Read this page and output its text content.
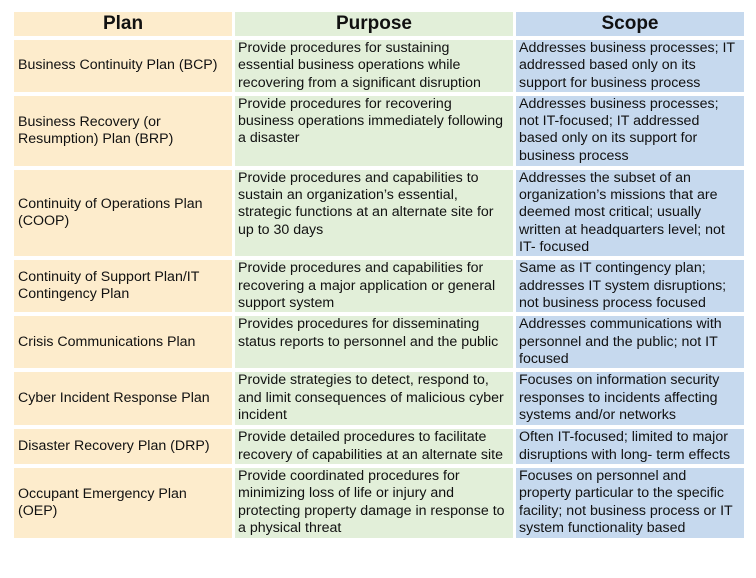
Plan	Purpose	Scope
Business Continuity Plan (BCP)	Provide procedures for sustaining essential business operations while recovering from a significant disruption	Addresses business processes; IT addressed based only on its support for business process
Business Recovery (or Resumption) Plan (BRP)	Provide procedures for recovering business operations immediately following a disaster	Addresses business processes; not IT-focused; IT addressed based only on its support for business process
Continuity of Operations Plan (COOP)	Provide procedures and capabilities to sustain an organization’s essential, strategic functions at an alternate site for up to 30 days	Addresses the subset of an organization’s missions that are deemed most critical; usually written at headquarters level; not IT- focused
Continuity of Support Plan/IT Contingency Plan	Provide procedures and capabilities for recovering a major application or general support system	Same as IT contingency plan; addresses IT system disruptions; not business process focused
Crisis Communications Plan	Provides procedures for disseminating status reports to personnel and the public	Addresses communications with personnel and the public; not IT focused
Cyber Incident Response Plan	Provide strategies to detect, respond to, and limit consequences of malicious cyber incident	Focuses on information security responses to incidents affecting systems and/or networks
Disaster Recovery Plan (DRP)	Provide detailed procedures to facilitate recovery of capabilities at an alternate site	Often IT-focused; limited to major disruptions with long- term effects
Occupant Emergency Plan (OEP)	Provide coordinated procedures for minimizing loss of life or injury and protecting property damage in response to a physical threat	Focuses on personnel and property particular to the specific facility; not business process or IT system functionality based
